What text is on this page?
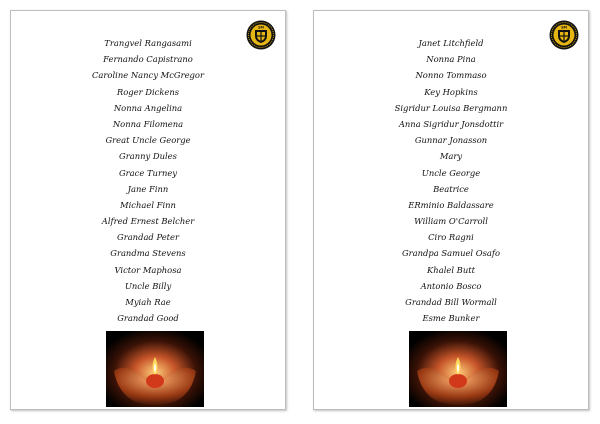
SM
Trangvel Rangasami
Fernando Capistrano
Caroline Nancy McGregor
Roger Dickens
Nonna Angelina
Nonna Filomena
Great Uncle George
Granny Dules
Grace Turney
Jane Finn
Michael Finn
Alfred Ernest Belcher
Grandad Peter
Grandma Stevens
Victor Maphosa
Uncle Billy
Myiah Rae
Grandad Good
SM
Janet Litchfield
Nonna Pina
Nonno Tommaso
Key Hopkins
Sigridur Louisa Bergmann
Anna Sigridur Jonsdottir
Gunnar Jonasson
Mary
Uncle George
Beatrice
ERminio Baldassare
William O'Carroll
Ciro Ragni
Grandpa Samuel Osafo
Khalel Butt
Antonio Bosco
Grandad Bill Wormall
Esme Bunker
